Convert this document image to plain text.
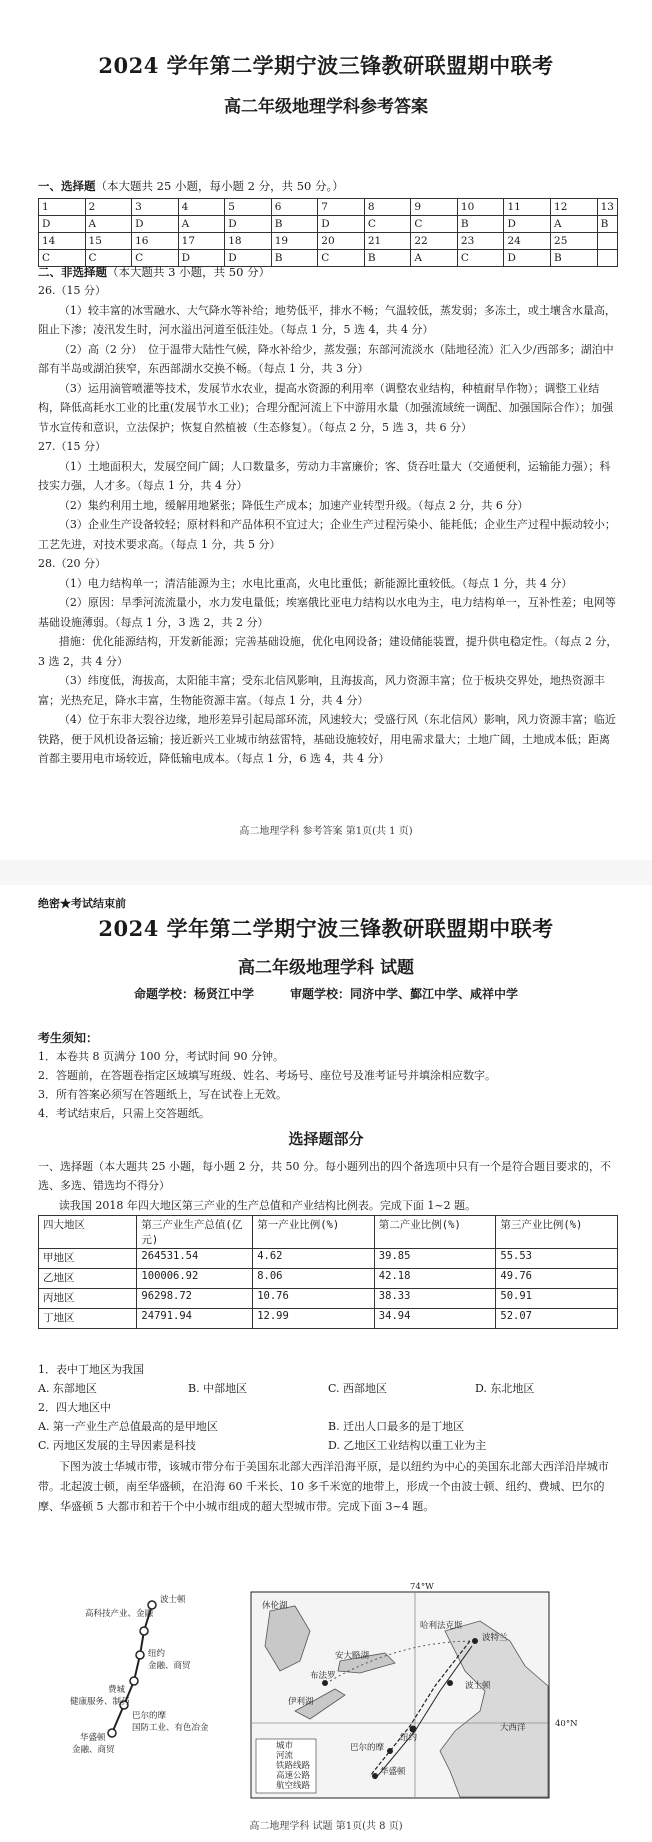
2024 学年第二学期宁波三锋教研联盟期中联考
高二年级地理学科参考答案
一、选择题（本大题共 25 小题，每小题 2 分，共 50 分。）
1	2	3	4	5	6	7	8	9	10	11	12	13
D	A	D	A	D	B	D	C	C	B	D	A	B
14	15	16	17	18	19	20	21	22	23	24	25	
C	C	C	D	D	B	C	B	A	C	D	B	
二、非选择题（本大题共 3 小题，共 50 分）

26.（15 分）

（1）较丰富的冰雪融水、大气降水等补给；地势低平，排水不畅；气温较低，蒸发弱；多冻土，或土壤含水量高，阻止下渗；凌汛发生时，河水溢出河道至低洼处。（每点 1 分，5 选 4，共 4 分）

（2）高（2 分）　位于温带大陆性气候，降水补给少，蒸发强；东部河流淡水（陆地径流）汇入少/西部多；湖泊中部有半岛或湖泊狭窄，东西部湖水交换不畅。（每点 1 分，共 3 分）

（3）运用滴管喷灌等技术，发展节水农业，提高水资源的利用率（调整农业结构，种植耐旱作物）；调整工业结构，降低高耗水工业的比重(发展节水工业)；合理分配河流上下中游用水量（加强流域统一调配、加强国际合作）；加强节水宣传和意识，立法保护；恢复自然植被（生态修复）。（每点 2 分，5 选 3，共 6 分）

27.（15 分）

（1）土地面积大，发展空间广阔；人口数量多，劳动力丰富廉价；客、货吞吐量大（交通便利，运输能力强）；科技实力强，人才多。（每点 1 分，共 4 分）

（2）集约利用土地，缓解用地紧张；降低生产成本；加速产业转型升级。（每点 2 分，共 6 分）

（3）企业生产设备较轻；原材料和产品体积不宜过大；企业生产过程污染小、能耗低；企业生产过程中振动较小；工艺先进，对技术要求高。（每点 1 分，共 5 分）

28.（20 分）

（1）电力结构单一；清洁能源为主；水电比重高，火电比重低；新能源比重较低。（每点 1 分，共 4 分）

（2）原因：旱季河流流量小，水力发电量低；埃塞俄比亚电力结构以水电为主，电力结构单一，互补性差；电网等基础设施薄弱。（每点 1 分，3 选 2，共 2 分）

措施：优化能源结构，开发新能源；完善基础设施，优化电网设备；建设储能装置，提升供电稳定性。（每点 2 分，3 选 2，共 4 分）

（3）纬度低，海拔高，太阳能丰富；受东北信风影响，且海拔高，风力资源丰富；位于板块交界处，地热资源丰富；光热充足，降水丰富，生物能资源丰富。（每点 1 分，共 4 分）

（4）位于东非大裂谷边缘，地形差异引起局部环流，风速较大；受盛行风（东北信风）影响，风力资源丰富；临近铁路，便于风机设备运输；接近新兴工业城市纳兹雷特，基础设施较好，用电需求量大；土地广阔，土地成本低；距离首都主要用电市场较近，降低输电成本。（每点 1 分，6 选 4，共 4 分）

高二地理学科 参考答案 第1页(共 1 页)
绝密★考试结束前
2024 学年第二学期宁波三锋教研联盟期中联考
高二年级地理学科 试题
命题学校：杨贤江中学　　　审题学校：同济中学、鄞江中学、咸祥中学
考生须知：

1．本卷共 8 页满分 100 分，考试时间 90 分钟。

2．答题前，在答题卷指定区域填写班级、姓名、考场号、座位号及准考证号并填涂相应数字。

3．所有答案必须写在答题纸上，写在试卷上无效。

4．考试结束后，只需上交答题纸。

选择题部分
一、选择题（本大题共 25 小题，每小题 2 分，共 50 分。每小题列出的四个备选项中只有一个是符合题目要求的，不选、多选、错选均不得分）
读我国 2018 年四大地区第三产业的生产总值和产业结构比例表。完成下面 1~2 题。
四大地区	第三产业生产总值(亿元)	第一产业比例(%)	第二产业比例(%)	第三产业比例(%)
甲地区	264531.54	4.62	39.85	55.53
乙地区	100006.92	8.06	42.18	49.76
丙地区	96298.72	10.76	38.33	50.91
丁地区	24791.94	12.99	34.94	52.07
1．表中丁地区为我国
A. 东部地区	B. 中部地区	C. 西部地区	D. 东北地区
2．四大地区中
A. 第一产业生产总值最高的是甲地区	B. 迁出人口最多的是丁地区
C. 丙地区发展的主导因素是科技	D. 乙地区工业结构以重工业为主
下图为波士华城市带，该城市带分布于美国东北部大西洋沿海平原，是以纽约为中心的美国东北部大西洋沿岸城市带。北起波士顿，南至华盛顿，在沿海 60 千米长、10 多千米宽的地带上，形成一个由波士顿、纽约、费城、巴尔的摩、华盛顿 5 大都市和若干个中小城市组成的超大型城市带。完成下面 3~4 题。
波士顿
高科技产业、金融
纽约
金融、商贸
费城
健康服务、制药
巴尔的摩
国防工业、有色冶金
华盛顿
金融、商贸
74°W
40°N
休伦湖
大西洋
安大略湖
布法罗
伊利湖
波特兰
纽约
巴尔的摩
华盛顿
哈利法克斯
波士顿
城市
河流
铁路线路
高速公路
航空线路
高二地理学科 试题 第1页(共 8 页)
